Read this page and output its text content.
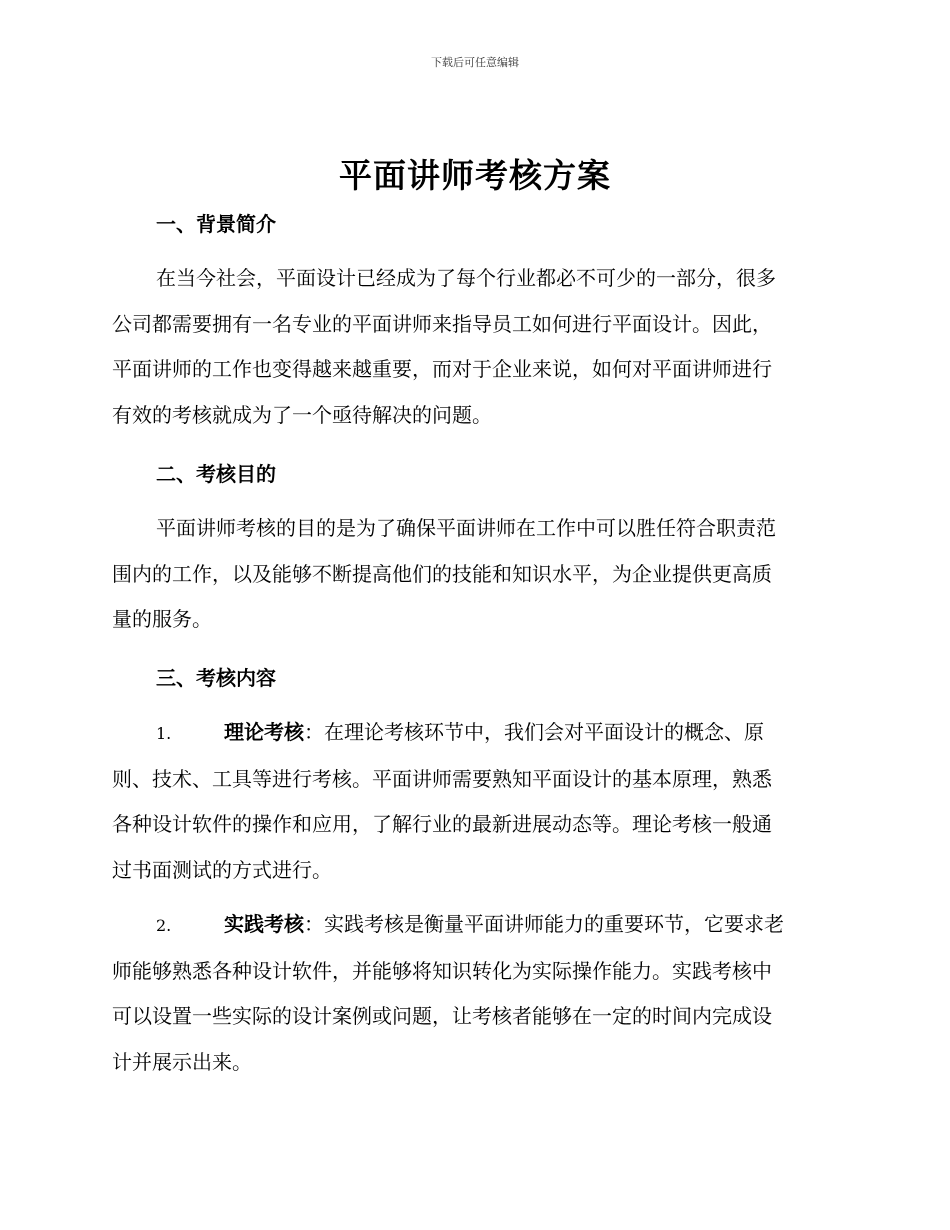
下载后可任意编辑
平面讲师考核方案
一、背景简介
在当今社会，平面设计已经成为了每个行业都必不可少的一部分，很多
公司都需要拥有一名专业的平面讲师来指导员工如何进行平面设计。因此，
平面讲师的工作也变得越来越重要，而对于企业来说，如何对平面讲师进行
有效的考核就成为了一个亟待解决的问题。
二、考核目的
平面讲师考核的目的是为了确保平面讲师在工作中可以胜任符合职责范
围内的工作，以及能够不断提高他们的技能和知识水平，为企业提供更高质
量的服务。
三、考核内容
1.	理论考核：在理论考核环节中，我们会对平面设计的概念、原
则、技术、工具等进行考核。平面讲师需要熟知平面设计的基本原理，熟悉
各种设计软件的操作和应用，了解行业的最新进展动态等。理论考核一般通
过书面测试的方式进行。
2.	实践考核：实践考核是衡量平面讲师能力的重要环节，它要求老
师能够熟悉各种设计软件，并能够将知识转化为实际操作能力。实践考核中
可以设置一些实际的设计案例或问题，让考核者能够在一定的时间内完成设
计并展示出来。
